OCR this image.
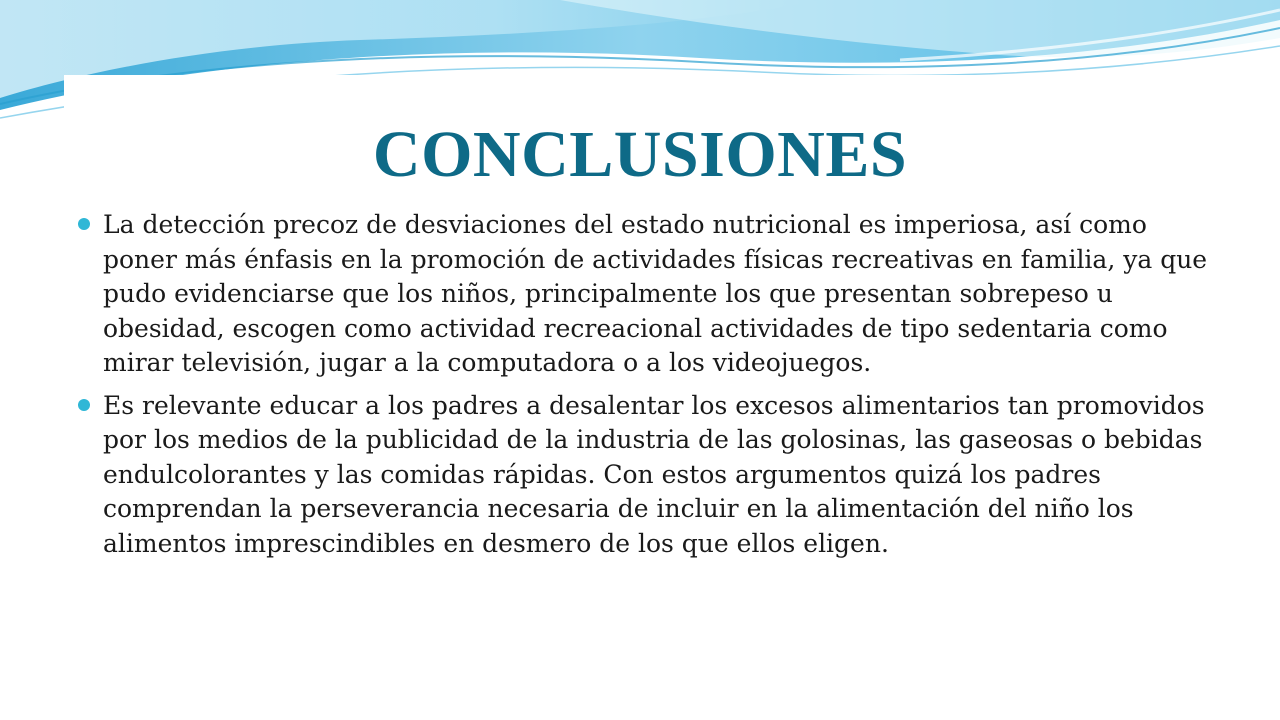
CONCLUSIONES
La detección precoz de desviaciones del estado nutricional es imperiosa, así como poner más énfasis en la promoción de actividades físicas recreativas en familia, ya que pudo evidenciarse que los niños, principalmente los que presentan sobrepeso u obesidad, escogen como actividad recreacional actividades de tipo sedentaria como mirar televisión, jugar a la computadora o a los videojuegos.
Es relevante educar a los padres a desalentar los excesos alimentarios tan promovidos por los medios de la publicidad de la industria de las golosinas, las gaseosas o bebidas endulcolorantes y las comidas rápidas. Con estos argumentos quizá los padres comprendan la perseverancia necesaria de incluir en la alimentación del niño los alimentos imprescindibles en desmero de los que ellos eligen.
